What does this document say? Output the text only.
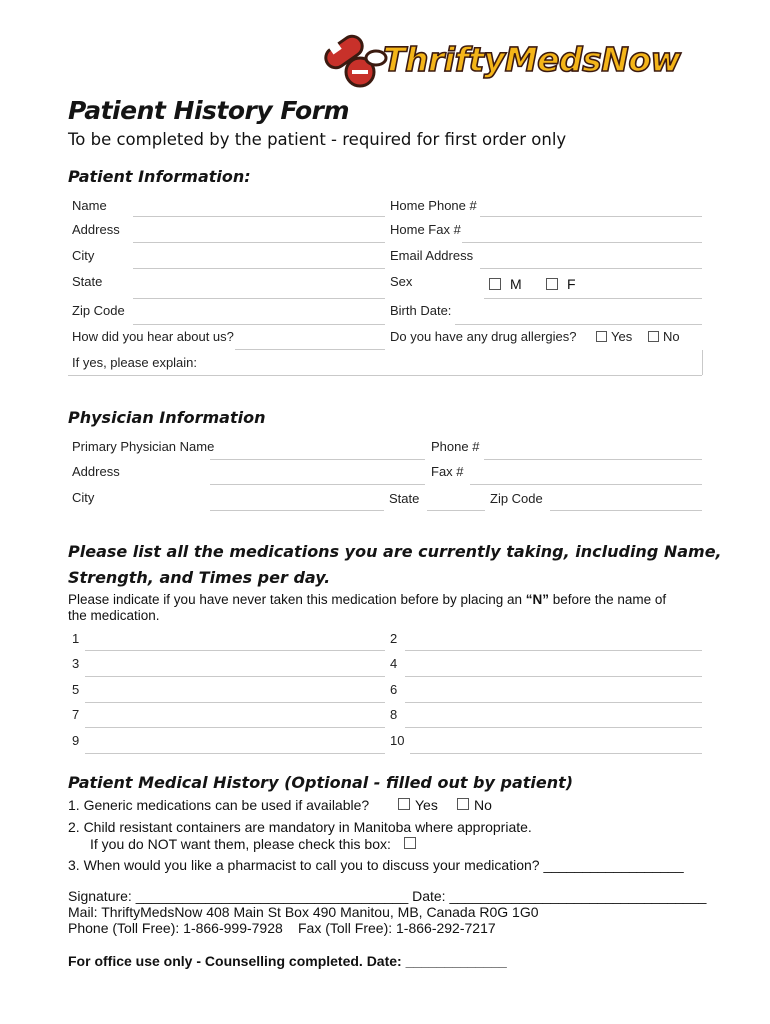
ThriftyMedsNow
Patient History Form
To be completed by the patient - required for first order only
Patient Information:
Name	Home Phone #
Address	Home Fax #
City	Email Address
State	Sex	M	F
Zip Code	Birth Date:
How did you hear about us?	Do you have any drug allergies?	Yes No
If yes, please explain:
Physician Information
Primary Physician Name	Phone #
Address	Fax #
City	State	Zip Code
Please list all the medications you are currently taking, including Name,
Strength, and Times per day.
Please indicate if you have never taken this medication before by placing an “N” before the name of
the medication.
1	2
3	4
5	6
7	8
9	10
Patient Medical History (Optional - filled out by patient)
1. Generic medications can be used if available?	Yes	No
2. Child resistant containers are mandatory in Manitoba where appropriate.
If you do NOT want them, please check this box:
3. When would you like a pharmacist to call you to discuss your medication? __________________
Signature: ___________________________________ Date: _________________________________
Mail: ThriftyMedsNow 408 Main St Box 490 Manitou, MB, Canada R0G 1G0
Phone (Toll Free): 1-866-999-7928 Fax (Toll Free): 1-866-292-7217
For office use only - Counselling completed. Date: _____________
